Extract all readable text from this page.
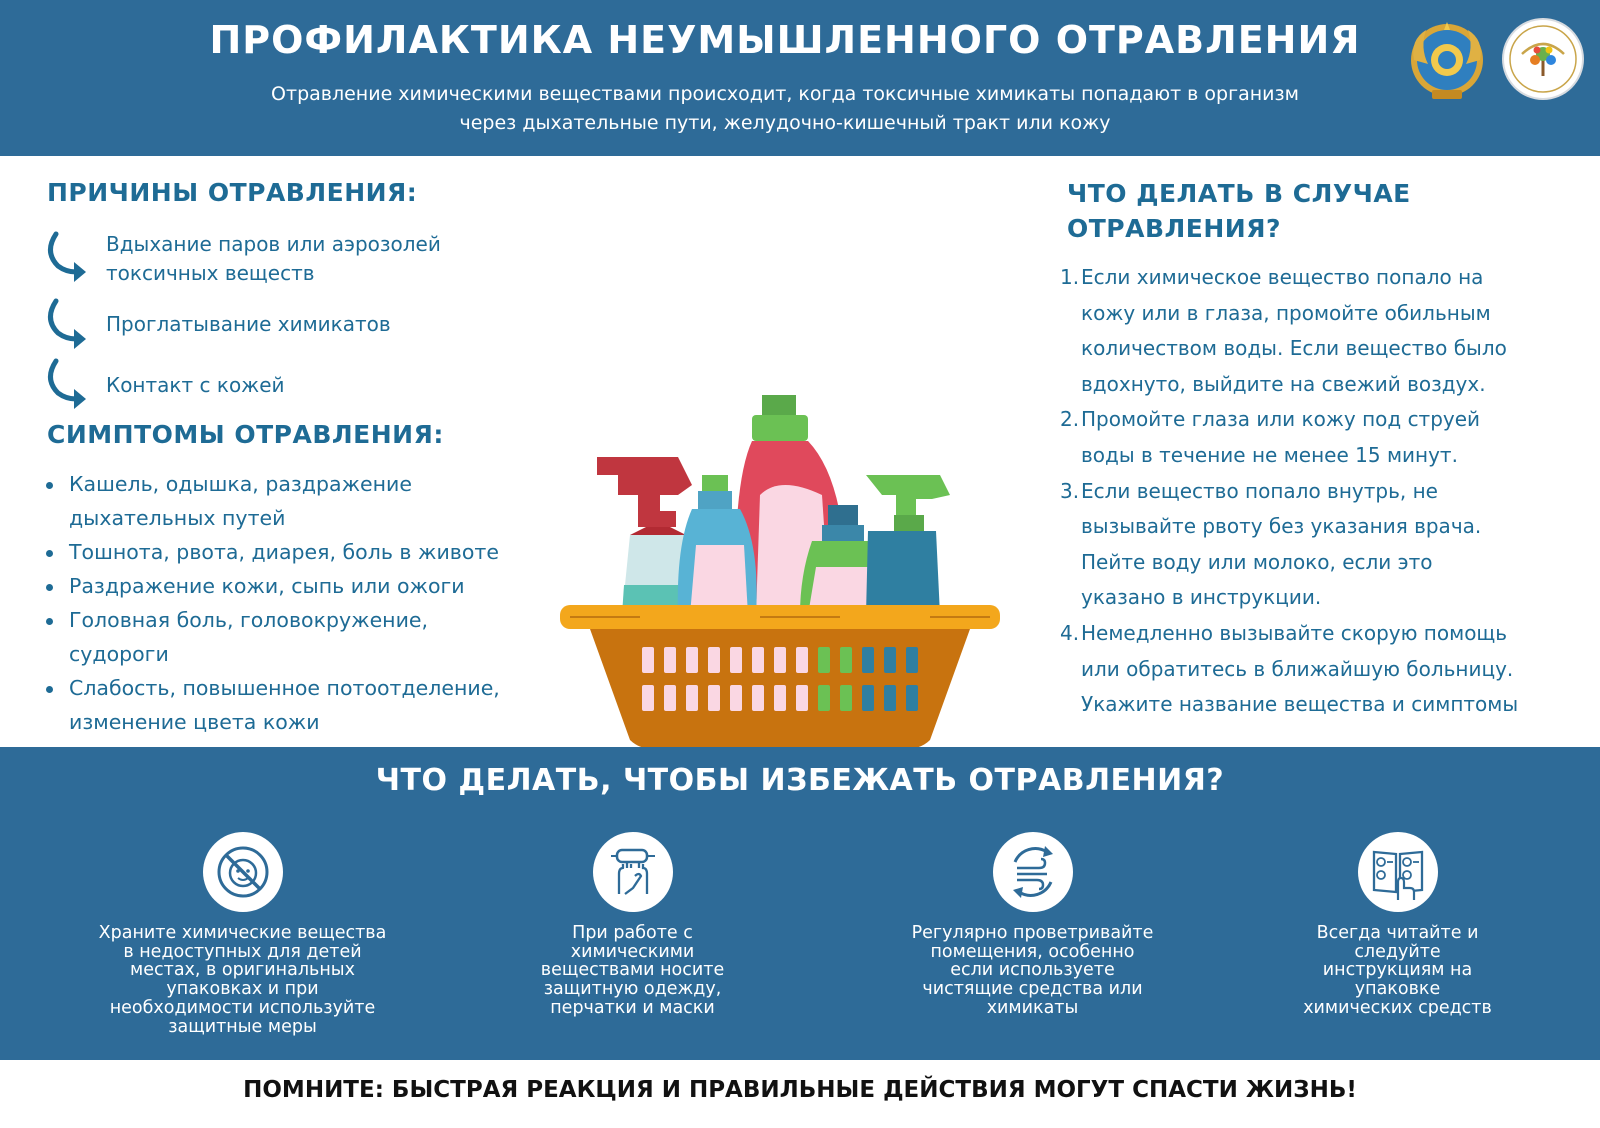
ПРОФИЛАКТИКА НЕУМЫШЛЕННОГО ОТРАВЛЕНИЯ
Отравление химическими веществами происходит, когда токсичные химикаты попадают в организм
через дыхательные пути, желудочно-кишечный тракт или кожу
ПРИЧИНЫ ОТРАВЛЕНИЯ:
Вдыхание паров или аэрозолей
токсичных веществ
Проглатывание химикатов
Контакт с кожей
СИМПТОМЫ ОТРАВЛЕНИЯ:
Кашель, одышка, раздражение
дыхательных путей
Тошнота, рвота, диарея, боль в животе
Раздражение кожи, сыпь или ожоги
Головная боль, головокружение,
судороги
Слабость, повышенное потоотделение,
изменение цвета кожи
ЧТО ДЕЛАТЬ В СЛУЧАЕ
ОТРАВЛЕНИЯ?
1. Если химическое вещество попало на
кожу или в глаза, промойте обильным
количеством воды. Если вещество было
вдохнуто, выйдите на свежий воздух.
2. Промойте глаза или кожу под струей
воды в течение не менее 15 минут.
3. Если вещество попало внутрь, не
вызывайте рвоту без указания врача.
Пейте воду или молоко, если это
указано в инструкции.
4. Немедленно вызывайте скорую помощь
или обратитесь в ближайшую больницу.
Укажите название вещества и симптомы
ЧТО ДЕЛАТЬ, ЧТОБЫ ИЗБЕЖАТЬ ОТРАВЛЕНИЯ?
Храните химические вещества
в недоступных для детей
местах, в оригинальных
упаковках и при
необходимости используйте
защитные меры
При работе с
химическими
веществами носите
защитную одежду,
перчатки и маски
Регулярно проветривайте
помещения, особенно
если используете
чистящие средства или
химикаты
Всегда читайте и
следуйте
инструкциям на
упаковке
химических средств
ПОМНИТЕ: БЫСТРАЯ РЕАКЦИЯ И ПРАВИЛЬНЫЕ ДЕЙСТВИЯ МОГУТ СПАСТИ ЖИЗНЬ!
